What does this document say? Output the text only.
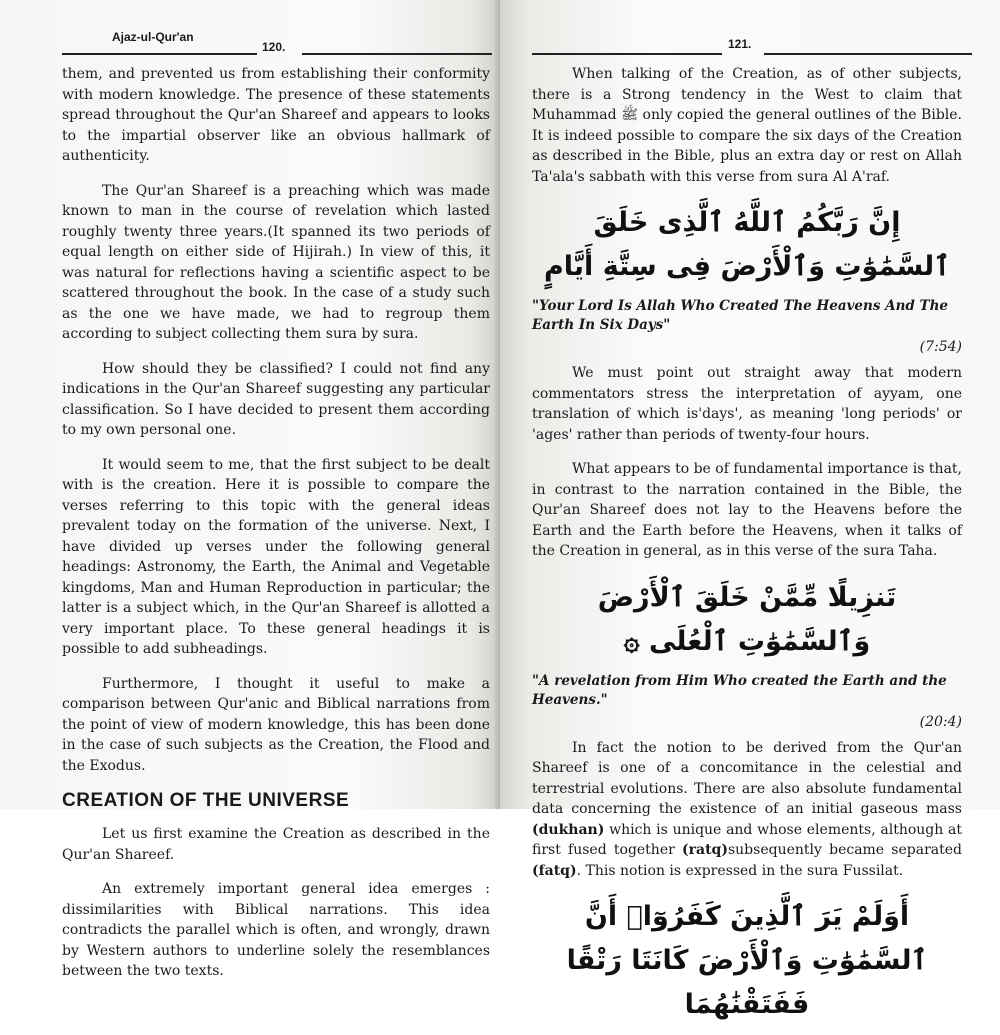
Ajaz-ul-Qur'an
120.

them, and prevented us from establishing their conformity with modern knowledge. The presence of these statements spread throughout the Qur'an Shareef and appears to looks to the impartial observer like an obvious hallmark of authenticity.

The Qur'an Shareef is a preaching which was made known to man in the course of revelation which lasted roughly twenty three years.(It spanned its two periods of equal length on either side of Hijirah.) In view of this, it was natural for reflections having a scientific aspect to be scattered throughout the book. In the case of a study such as the one we have made, we had to regroup them according to subject collecting them sura by sura.

How should they be classified? I could not find any indications in the Qur'an Shareef suggesting any particular classification. So I have decided to present them according to my own personal one.

It would seem to me, that the first subject to be dealt with is the creation. Here it is possible to compare the verses referring to this topic with the general ideas prevalent today on the formation of the universe. Next, I have divided up verses under the following general headings: Astronomy, the Earth, the Animal and Vegetable kingdoms, Man and Human Reproduction in particular; the latter is a subject which, in the Qur'an Shareef is allotted a very important place. To these general headings it is possible to add subheadings.

Furthermore, I thought it useful to make a comparison between Qur'anic and Biblical narrations from the point of view of modern knowledge, this has been done in the case of such subjects as the Creation, the Flood and the Exodus.

CREATION OF THE UNIVERSE

Let us first examine the Creation as described in the Qur'an Shareef.

An extremely important general idea emerges : dissimilarities with Biblical narrations. This idea contradicts the parallel which is often, and wrongly, drawn by Western authors to underline solely the resemblances between the two texts.

121.

When talking of the Creation, as of other subjects, there is a Strong tendency in the West to claim that Muhammad ﷺ only copied the general outlines of the Bible. It is indeed possible to compare the six days of the Creation as described in the Bible, plus an extra day or rest on Allah Ta'ala's sabbath with this verse from sura Al A'raf.

إِنَّ رَبَّكُمُ ٱللَّهُ ٱلَّذِى خَلَقَ ٱلسَّمَٰوَٰتِ وَٱلْأَرْضَ فِى سِتَّةِ أَيَّامٍ

"Your Lord Is Allah Who Created The Heavens And The Earth In Six Days"

(7:54)

We must point out straight away that modern commentators stress the interpretation of ayyam, one translation of which is'days', as meaning 'long periods' or 'ages' rather than periods of twenty-four hours.

What appears to be of fundamental importance is that, in contrast to the narration contained in the Bible, the Qur'an Shareef does not lay to the Heavens before the Earth and the Earth before the Heavens, when it talks of the Creation in general, as in this verse of the sura Taha.

تَنزِيلًا مِّمَّنْ خَلَقَ ٱلْأَرْضَ وَٱلسَّمَٰوَٰتِ ٱلْعُلَى ۞

"A revelation from Him Who created the Earth and the Heavens."

(20:4)

In fact the notion to be derived from the Qur'an Shareef is one of a concomitance in the celestial and terrestrial evolutions. There are also absolute fundamental data concerning the existence of an initial gaseous mass (dukhan) which is unique and whose elements, although at first fused together (ratq)subsequently became separated (fatq). This notion is expressed in the sura Fussilat.

أَوَلَمْ يَرَ ٱلَّذِينَ كَفَرُوٓا۟ أَنَّ ٱلسَّمَٰوَٰتِ وَٱلْأَرْضَ كَانَتَا رَتْقًا فَفَتَقْنَٰهُمَا
